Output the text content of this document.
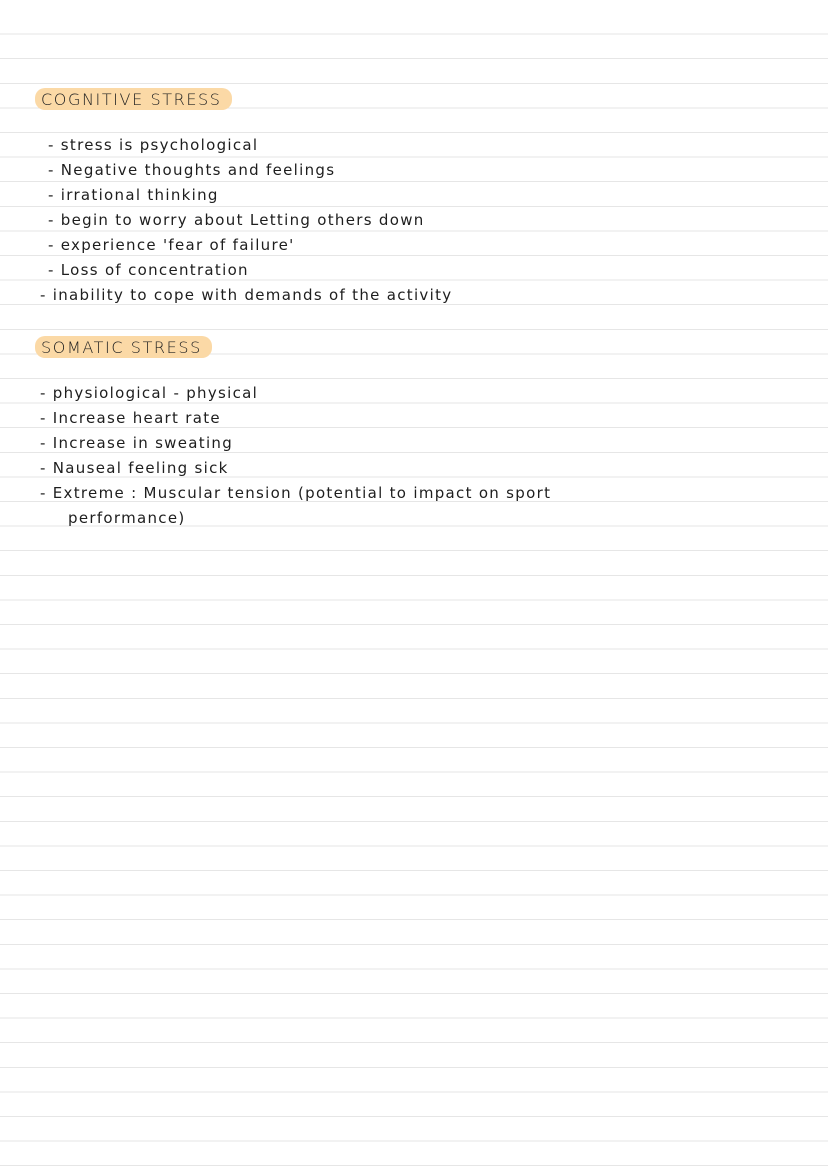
COGNITIVE STRESS
- stress is psychological
- Negative thoughts and feelings
- irrational thinking
- begin to worry about Letting others down
- experience 'fear of failure'
- Loss of concentration
- inability to cope with demands of the activity
SOMATIC STRESS
- physiological - physical
- Increase heart rate
- Increase in sweating
- Nauseal feeling sick
- Extreme : Muscular tension (potential to impact on sport
performance)
